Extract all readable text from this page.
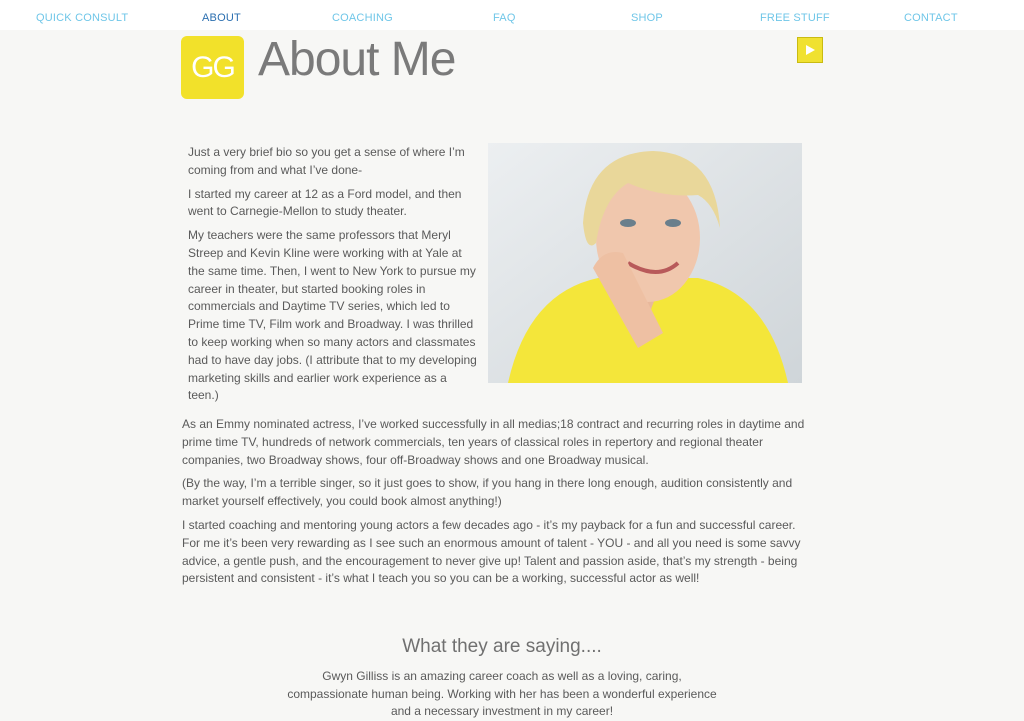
QUICK CONSULT	ABOUT	COACHING	FAQ	SHOP	FREE STUFF	CONTACT
GG About Me

Just a very brief bio so you get a sense of where I’m coming from and what I’ve done-

I started my career at 12 as a Ford model, and then went to Carnegie-Mellon to study theater.

My teachers were the same professors that Meryl Streep and Kevin Kline were working with at Yale at the same time. Then, I went to New York to pursue my career in theater, but started booking roles in commercials and Daytime TV series, which led to Prime time TV, Film work and Broadway. I was thrilled to keep working when so many actors and classmates had to have day jobs. (I attribute that to my developing marketing skills and earlier work experience as a teen.)

As an Emmy nominated actress, I’ve worked successfully in all medias;18 contract and recurring roles in daytime and prime time TV, hundreds of network commercials, ten years of classical roles in repertory and regional theater companies, two Broadway shows, four off-Broadway shows and one Broadway musical.

(By the way, I’m a terrible singer, so it just goes to show, if you hang in there long enough, audition consistently and market yourself effectively, you could book almost anything!)

I started coaching and mentoring young actors a few decades ago - it’s my payback for a fun and successful career. For me it’s been very rewarding as I see such an enormous amount of talent - YOU - and all you need is some savvy advice, a gentle push, and the encouragement to never give up! Talent and passion aside, that’s my strength - being persistent and consistent - it’s what I teach you so you can be a working, successful actor as well!

What they are saying....
Gwyn Gilliss is an amazing career coach as well as a loving, caring, compassionate human being. Working with her has been a wonderful experience and a necessary investment in my career!
